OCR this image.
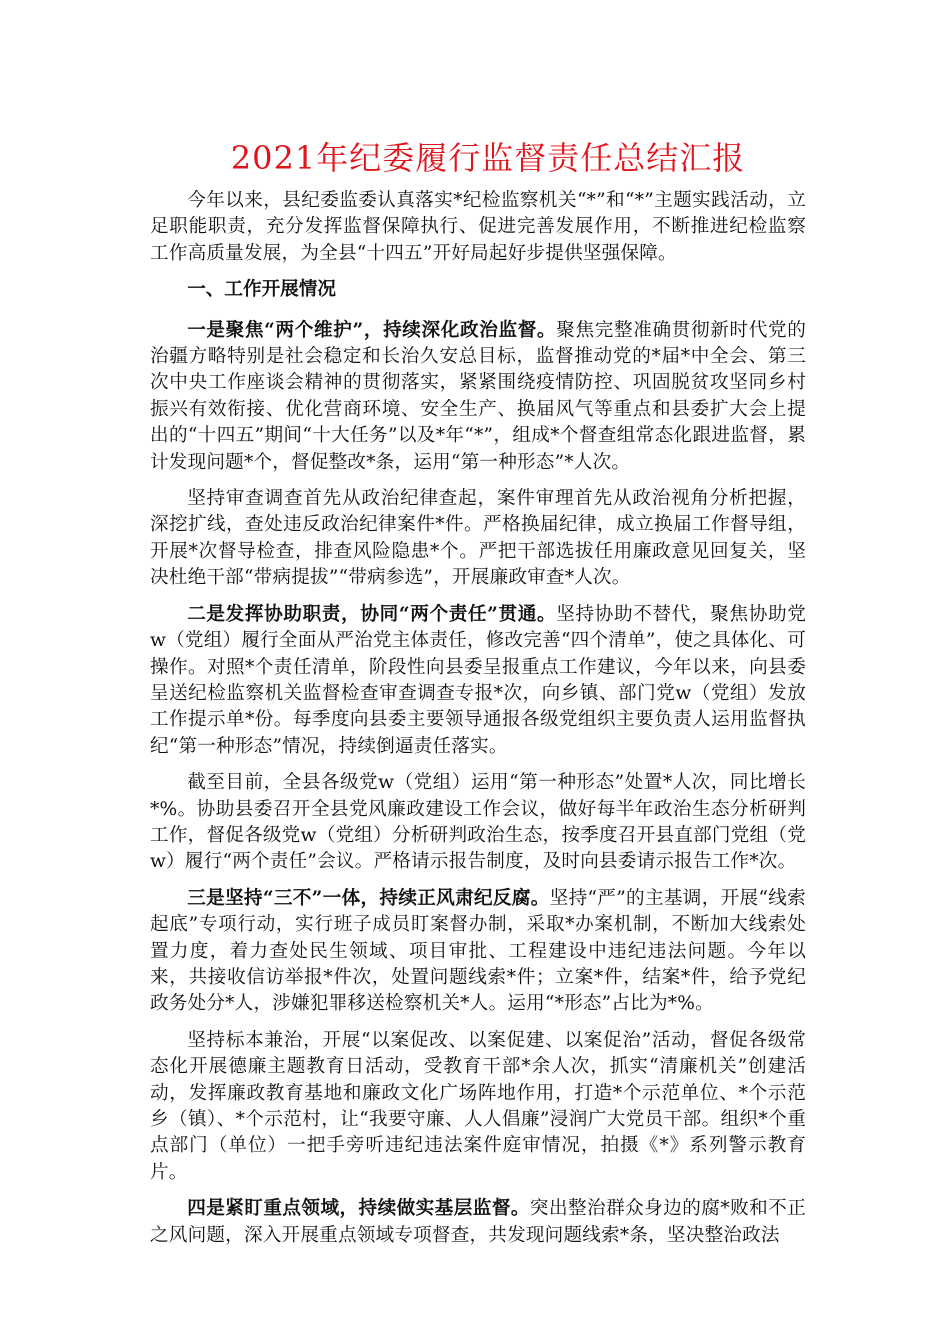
2021年纪委履行监督责任总结汇报

今年以来，县纪委监委认真落实*纪检监察机关“*”和“*”主题实践活动，立足职能职责，充分发挥监督保障执行、促进完善发展作用，不断推进纪检监察工作高质量发展，为全县“十四五”开好局起好步提供坚强保障。

一、工作开展情况

一是聚焦“两个维护”，持续深化政治监督。聚焦完整准确贯彻新时代党的治疆方略特别是社会稳定和长治久安总目标，监督推动党的*届*中全会、第三次中央工作座谈会精神的贯彻落实，紧紧围绕疫情防控、巩固脱贫攻坚同乡村振兴有效衔接、优化营商环境、安全生产、换届风气等重点和县委扩大会上提出的“十四五”期间“十大任务”以及*年“*”，组成*个督查组常态化跟进监督，累计发现问题*个，督促整改*条，运用“第一种形态”*人次。

坚持审查调查首先从政治纪律查起，案件审理首先从政治视角分析把握，深挖扩线，查处违反政治纪律案件*件。严格换届纪律，成立换届工作督导组，开展*次督导检查，排查风险隐患*个。严把干部选拔任用廉政意见回复关，坚决杜绝干部“带病提拔”“带病参选”，开展廉政审查*人次。

二是发挥协助职责，协同“两个责任”贯通。坚持协助不替代，聚焦协助党w（党组）履行全面从严治党主体责任，修改完善“四个清单”，使之具体化、可操作。对照*个责任清单，阶段性向县委呈报重点工作建议，今年以来，向县委呈送纪检监察机关监督检查审查调查专报*次，向乡镇、部门党w（党组）发放工作提示单*份。每季度向县委主要领导通报各级党组织主要负责人运用监督执纪“第一种形态”情况，持续倒逼责任落实。

截至目前，全县各级党w（党组）运用“第一种形态”处置*人次，同比增长*%。协助县委召开全县党风廉政建设工作会议，做好每半年政治生态分析研判工作，督促各级党w（党组）分析研判政治生态，按季度召开县直部门党组（党w）履行“两个责任”会议。严格请示报告制度，及时向县委请示报告工作*次。

三是坚持“三不”一体，持续正风肃纪反腐。坚持“严”的主基调，开展“线索起底”专项行动，实行班子成员盯案督办制，采取*办案机制，不断加大线索处置力度，着力查处民生领域、项目审批、工程建设中违纪违法问题。今年以来，共接收信访举报*件次，处置问题线索*件；立案*件，结案*件，给予党纪政务处分*人，涉嫌犯罪移送检察机关*人。运用“*形态”占比为*%。

坚持标本兼治，开展“以案促改、以案促建、以案促治”活动，督促各级常态化开展德廉主题教育日活动，受教育干部*余人次，抓实“清廉机关”创建活动，发挥廉政教育基地和廉政文化广场阵地作用，打造*个示范单位、*个示范乡（镇）、*个示范村，让“我要守廉、人人倡廉”浸润广大党员干部。组织*个重点部门（单位）一把手旁听违纪违法案件庭审情况，拍摄《*》系列警示教育片。

四是紧盯重点领域，持续做实基层监督。突出整治群众身边的腐*败和不正之风问题，深入开展重点领域专项督查，共发现问题线索*条，坚决整治政法
